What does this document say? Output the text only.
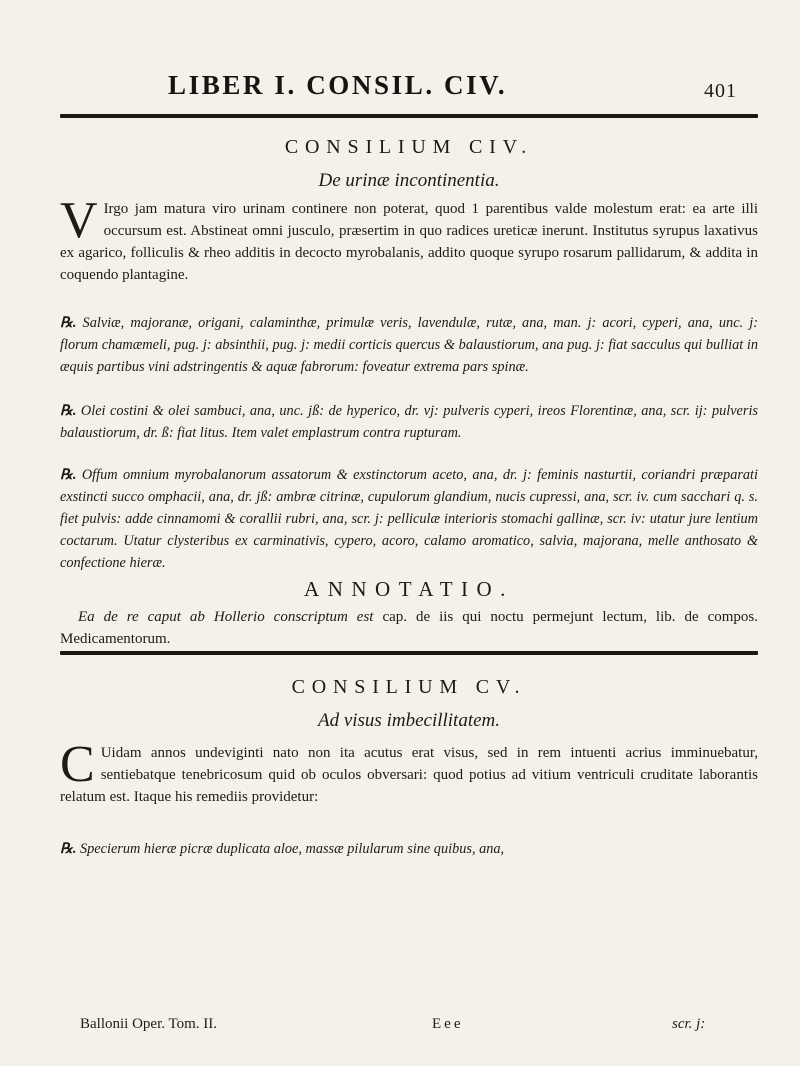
LIBER I. CONSIL. CIV.	401
CONSILIUM CIV.
De urinæ incontinentia.
V Irgo jam matura viro urinam continere non poterat, quod 1 parentibus valde molestum erat: ea arte illi occursum est. Abstineat omni jusculo, præsertim in quo radices ureticæ inerunt. Institutus syrupus laxativus ex agarico, folliculis & rheo additis in decocto myrobalanis, addito quoque syrupo rosarum pallidarum, & addita in coquendo plantagine.
℞. Salviæ, majoranæ, origani, calaminthæ, primulæ veris, lavendulæ, rutæ, ana, man. j: acori, cyperi, ana, unc. j: florum chamæmeli, pug. j: absinthii, pug. j: medii corticis quercus & balaustiorum, ana pug. j: fiat sacculus qui bulliat in æquis partibus vini adstringentis & aquæ fabrorum: foveatur extrema pars spinæ.
℞. Olei costini & olei sambuci, ana, unc. jß: de hyperico, dr. vj: pulveris cyperi, ireos Florentinæ, ana, scr. ij: pulveris balaustiorum, dr. ß: fiat litus. Item valet emplastrum contra rupturam.
℞. Offum omnium myrobalanorum assatorum & exstinctorum aceto, ana, dr. j: feminis nasturtii, coriandri præparati exstincti succo omphacii, ana, dr. jß: ambræ citrinæ, cupulorum glandium, nucis cupressi, ana, scr. iv. cum sacchari q. s. fiet pulvis: adde cinnamomi & corallii rubri, ana, scr. j: pelliculæ interioris stomachi gallinæ, scr. iv: utatur jure lentium coctarum. Utatur clysteribus ex carminativis, cypero, acoro, calamo aromatico, salvia, majorana, melle anthosato & confectione hieræ.
ANNOTATIO.
Ea de re caput ab Hollerio conscriptum est cap. de iis qui noctu permejunt lectum, lib. de compos. Medicamentorum.
CONSILIUM CV.
Ad visus imbecillitatem.
C Uidam annos undeviginti nato non ita acutus erat visus, sed in rem intuenti acrius imminuebatur, sentiebatque tenebricosum quid ob oculos obversari: quod potius ad vitium ventriculi cruditate laborantis relatum est. Itaque his remediis providetur:
℞. Specierum hieræ picræ duplicata aloe, massæ pilularum sine quibus, ana,
Ballonii Oper. Tom. II.	Eee	scr. j:
